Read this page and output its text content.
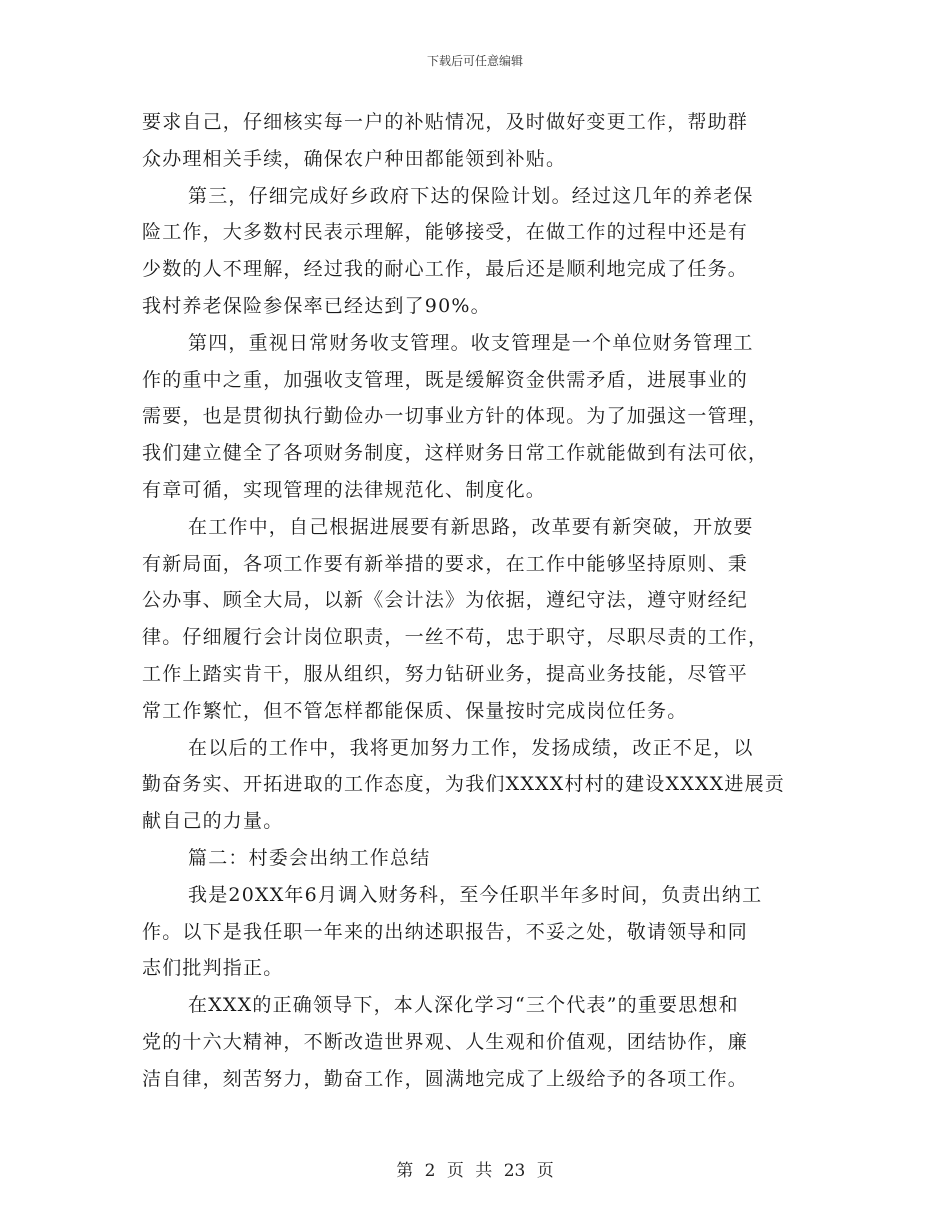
下载后可任意编辑
要求自己，仔细核实每一户的补贴情况，及时做好变更工作，帮助群
众办理相关手续，确保农户种田都能领到补贴。
第三，仔细完成好乡政府下达的保险计划。经过这几年的养老保
险工作，大多数村民表示理解，能够接受，在做工作的过程中还是有
少数的人不理解，经过我的耐心工作，最后还是顺利地完成了任务。
我村养老保险参保率已经达到了90%。
第四，重视日常财务收支管理。收支管理是一个单位财务管理工
作的重中之重，加强收支管理，既是缓解资金供需矛盾，进展事业的
需要，也是贯彻执行勤俭办一切事业方针的体现。为了加强这一管理，
我们建立健全了各项财务制度，这样财务日常工作就能做到有法可依，
有章可循，实现管理的法律规范化、制度化。
在工作中，自己根据进展要有新思路，改革要有新突破，开放要
有新局面，各项工作要有新举措的要求，在工作中能够坚持原则、秉
公办事、顾全大局，以新《会计法》为依据，遵纪守法，遵守财经纪
律。仔细履行会计岗位职责，一丝不苟，忠于职守，尽职尽责的工作，
工作上踏实肯干，服从组织，努力钻研业务，提高业务技能，尽管平
常工作繁忙，但不管怎样都能保质、保量按时完成岗位任务。
在以后的工作中，我将更加努力工作，发扬成绩，改正不足，以
勤奋务实、开拓进取的工作态度，为我们XXXX村村的建设XXXX进展贡
献自己的力量。
篇二：村委会出纳工作总结
我是20XX年6月调入财务科，至今任职半年多时间，负责出纳工
作。以下是我任职一年来的出纳述职报告，不妥之处，敬请领导和同
志们批判指正。
在XXX的正确领导下，本人深化学习“三个代表”的重要思想和
党的十六大精神，不断改造世界观、人生观和价值观，团结协作，廉
洁自律，刻苦努力，勤奋工作，圆满地完成了上级给予的各项工作。
第 2 页 共 23 页
